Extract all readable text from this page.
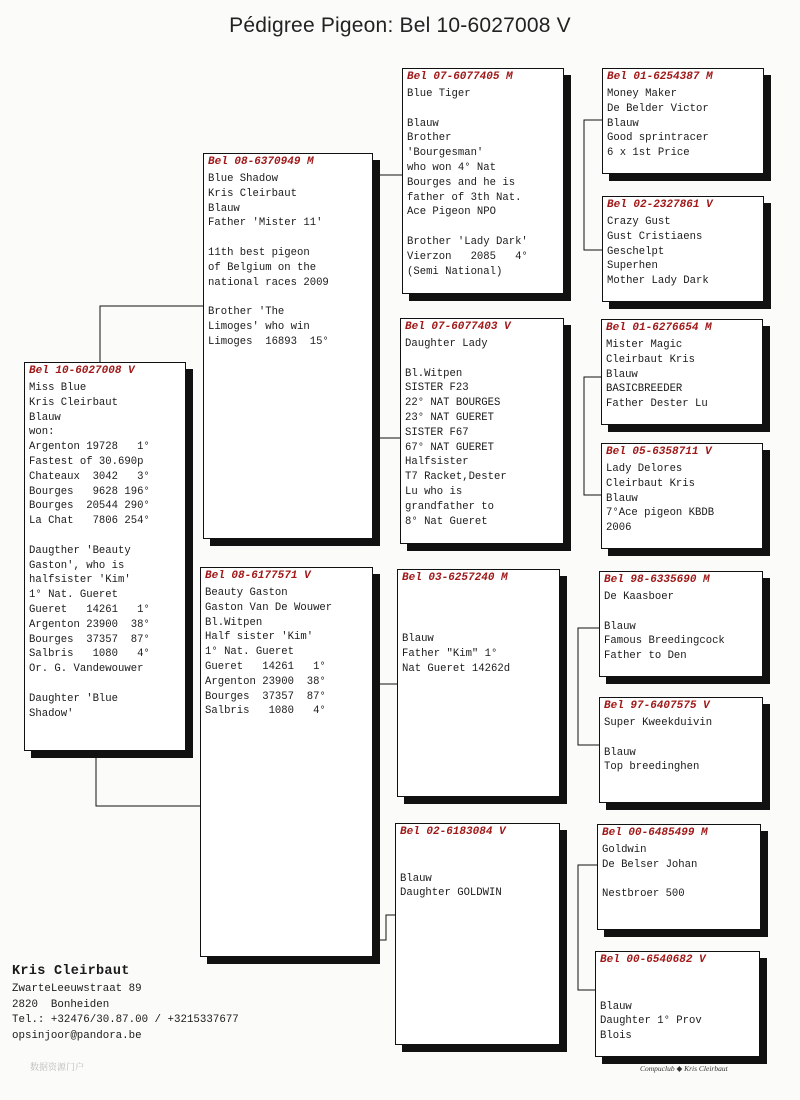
Pédigree Pigeon: Bel 10-6027008 V
Bel 10-6027008 V
Miss Blue
Kris Cleirbaut
Blauw
won:
Argenton 19728   1°
Fastest of 30.690p
Chateaux  3042   3°
Bourges   9628 196°
Bourges  20544 290°
La Chat   7806 254°
Daugther 'Beauty
Gaston', who is
halfsister 'Kim'
1° Nat. Gueret
Gueret   14261   1°
Argenton 23900  38°
Bourges  37357  87°
Salbris   1080   4°
Or. G. Vandewouwer
Daughter 'Blue
Shadow'
Bel 08-6370949 M
Blue Shadow
Kris Cleirbaut
Blauw
Father 'Mister 11'
11th best pigeon
of Belgium on the
national races 2009
Brother 'The
Limoges' who win
Limoges  16893  15°
Bel 08-6177571 V
Beauty Gaston
Gaston Van De Wouwer
Bl.Witpen
Half sister 'Kim'
1° Nat. Gueret
Gueret   14261   1°
Argenton 23900  38°
Bourges  37357  87°
Salbris   1080   4°
Bel 07-6077405 M
Blue Tiger
Blauw
Brother
'Bourgesman'
who won 4° Nat
Bourges and he is
father of 3th Nat.
Ace Pigeon NPO
Brother 'Lady Dark'
Vierzon   2085   4°
(Semi National)
Bel 07-6077403 V
Daughter Lady
Bl.Witpen
SISTER F23
22° NAT BOURGES
23° NAT GUERET
SISTER F67
67° NAT GUERET
Halfsister
T7 Racket,Dester
Lu who is
grandfather to
8° Nat Gueret
Bel 03-6257240 M
Blauw
Father "Kim" 1°
Nat Gueret 14262d
Bel 02-6183084 V
Blauw
Daughter GOLDWIN
Bel 01-6254387 M
Money Maker
De Belder Victor
Blauw
Good sprintracer
6 x 1st Price
Bel 02-2327861 V
Crazy Gust
Gust Cristiaens
Geschelpt
Superhen
Mother Lady Dark
Bel 01-6276654 M
Mister Magic
Cleirbaut Kris
Blauw
BASICBREEDER
Father Dester Lu
Bel 05-6358711 V
Lady Delores
Cleirbaut Kris
Blauw
7°Ace pigeon KBDB
2006
Bel 98-6335690 M
De Kaasboer
Blauw
Famous Breedingcock
Father to Den
Bel 97-6407575 V
Super Kweekduivin
Blauw
Top breedinghen
Bel 00-6485499 M
Goldwin
De Belser Johan
Nestbroer 500
Bel 00-6540682 V
Blauw
Daughter 1° Prov
Blois
Kris Cleirbaut
ZwarteLeeuwstraat 89
2820  Bonheiden
Tel.: +32476/30.87.00 / +3215337677
opsinjoor@pandora.be
数据资源门户	Compuclub ◆ Kris Cleirbaut
